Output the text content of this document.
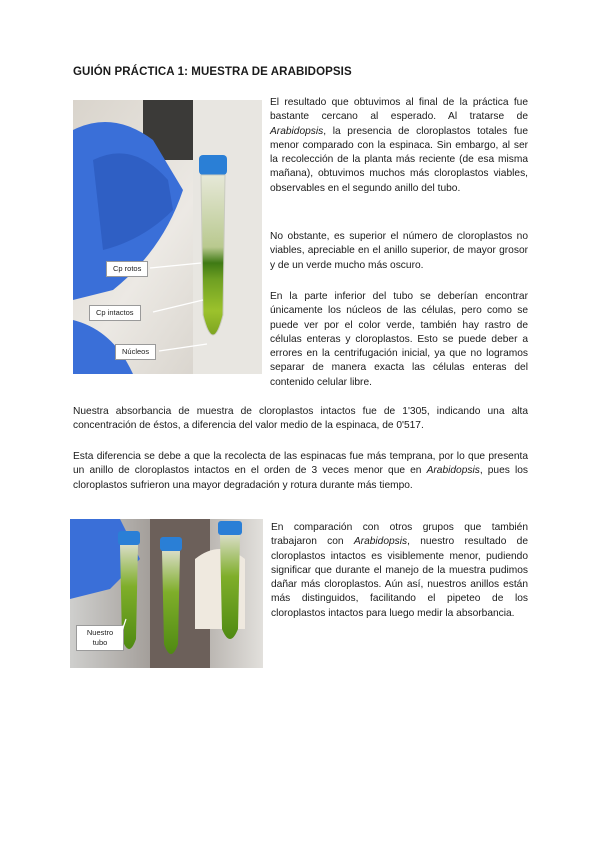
GUIÓN PRÁCTICA 1: MUESTRA DE ARABIDOPSIS
Cp rotos
Cp intactos
Núcleos

El resultado que obtuvimos al final de la práctica fue bastante cercano al esperado. Al tratarse de Arabidopsis, la presencia de cloroplastos totales fue menor comparado con la espinaca. Sin embargo, al ser la recolección de la planta más reciente (de esa misma mañana), obtuvimos muchos más cloroplastos viables, observables en el segundo anillo del tubo.

No obstante, es superior el número de cloroplastos no viables, apreciable en el anillo superior, de mayor grosor y de un verde mucho más oscuro.

En la parte inferior del tubo se deberían encontrar únicamente los núcleos de las células, pero como se puede ver por el color verde, también hay rastro de células enteras y cloroplastos. Esto se puede deber a errores en la centrifugación inicial, ya que no logramos separar de manera exacta las células enteras del contenido celular libre.

Nuestra absorbancia de muestra de cloroplastos intactos fue de 1'305, indicando una alta concentración de éstos, a diferencia del valor medio de la espinaca, de 0'517.

Esta diferencia se debe a que la recolecta de las espinacas fue más temprana, por lo que presenta un anillo de cloroplastos intactos en el orden de 3 veces menor que en Arabidopsis, pues los cloroplastos sufrieron una mayor degradación y rotura durante más tiempo.

Nuestro tubo

En comparación con otros grupos que también trabajaron con Arabidopsis, nuestro resultado de cloroplastos intactos es visiblemente menor, pudiendo significar que durante el manejo de la muestra pudimos dañar más cloroplastos. Aún así, nuestros anillos están más distinguidos, facilitando el pipeteo de los cloroplastos intactos para luego medir la absorbancia.
